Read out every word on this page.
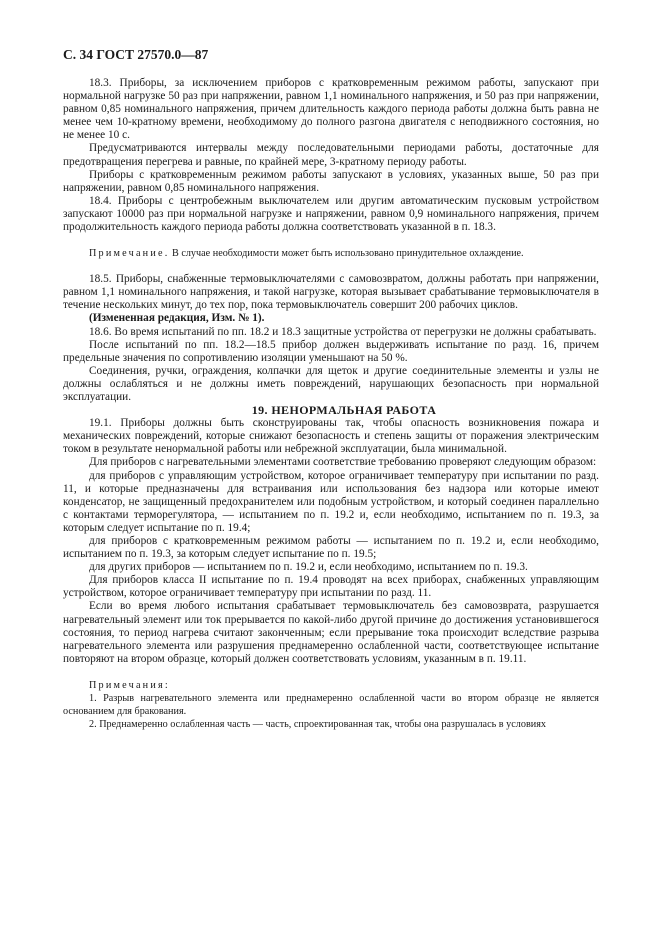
С. 34 ГОСТ 27570.0—87

18.3. Приборы, за исключением приборов с кратковременным режимом работы, запускают при нормальной нагрузке 50 раз при напряжении, равном 1,1 номинального напряжения, и 50 раз при напряжении, равном 0,85 номинального напряжения, причем длительность каждого периода работы должна быть равна не менее чем 10-кратному времени, необходимому до полного разгона двигателя с неподвижного состояния, но не менее 10 с.

Предусматриваются интервалы между последовательными периодами работы, достаточные для предотвращения перегрева и равные, по крайней мере, 3-кратному периоду работы.

Приборы с кратковременным режимом работы запускают в условиях, указанных выше, 50 раз при напряжении, равном 0,85 номинального напряжения.

18.4. Приборы с центробежным выключателем или другим автоматическим пусковым устройством запускают 10000 раз при нормальной нагрузке и напряжении, равном 0,9 номинального напряжения, причем продолжительность каждого периода работы должна соответствовать указанной в п. 18.3.

Примечание. В случае необходимости может быть использовано принудительное охлаждение.

18.5. Приборы, снабженные термовыключателями с самовозвратом, должны работать при напряжении, равном 1,1 номинального напряжения, и такой нагрузке, которая вызывает срабатывание термовыключателя в течение нескольких минут, до тех пор, пока термовыключатель совершит 200 рабочих циклов.

(Измененная редакция, Изм. № 1).

18.6. Во время испытаний по пп. 18.2 и 18.3 защитные устройства от перегрузки не должны срабатывать.

После испытаний по пп. 18.2—18.5 прибор должен выдерживать испытание по разд. 16, причем предельные значения по сопротивлению изоляции уменьшают на 50 %.

Соединения, ручки, ограждения, колпачки для щеток и другие соединительные элементы и узлы не должны ослабляться и не должны иметь повреждений, нарушающих безопасность при нормальной эксплуатации.

19. НЕНОРМАЛЬНАЯ РАБОТА

19.1. Приборы должны быть сконструированы так, чтобы опасность возникновения пожара и механических повреждений, которые снижают безопасность и степень защиты от поражения электрическим током в результате ненормальной работы или небрежной эксплуатации, была минимальной.

Для приборов с нагревательными элементами соответствие требованию проверяют следующим образом:

для приборов с управляющим устройством, которое ограничивает температуру при испытании по разд. 11, и которые предназначены для встраивания или использования без надзора или которые имеют конденсатор, не защищенный предохранителем или подобным устройством, и который соединен параллельно с контактами терморегулятора, — испытанием по п. 19.2 и, если необходимо, испытанием по п. 19.3, за которым следует испытание по п. 19.4;

для приборов с кратковременным режимом работы — испытанием по п. 19.2 и, если необходимо, испытанием по п. 19.3, за которым следует испытание по п. 19.5;

для других приборов — испытанием по п. 19.2 и, если необходимо, испытанием по п. 19.3.

Для приборов класса II испытание по п. 19.4 проводят на всех приборах, снабженных управляющим устройством, которое ограничивает температуру при испытании по разд. 11.

Если во время любого испытания срабатывает термовыключатель без самовозврата, разрушается нагревательный элемент или ток прерывается по какой-либо другой причине до достижения установившегося состояния, то период нагрева считают законченным; если прерывание тока происходит вследствие разрыва нагревательного элемента или разрушения преднамеренно ослабленной части, соответствующее испытание повторяют на втором образце, который должен соответствовать условиям, указанным в п. 19.11.

Примечания:

1. Разрыв нагревательного элемента или преднамеренно ослабленной части во втором образце не является основанием для бракования.

2. Преднамеренно ослабленная часть — часть, спроектированная так, чтобы она разрушалась в условиях
